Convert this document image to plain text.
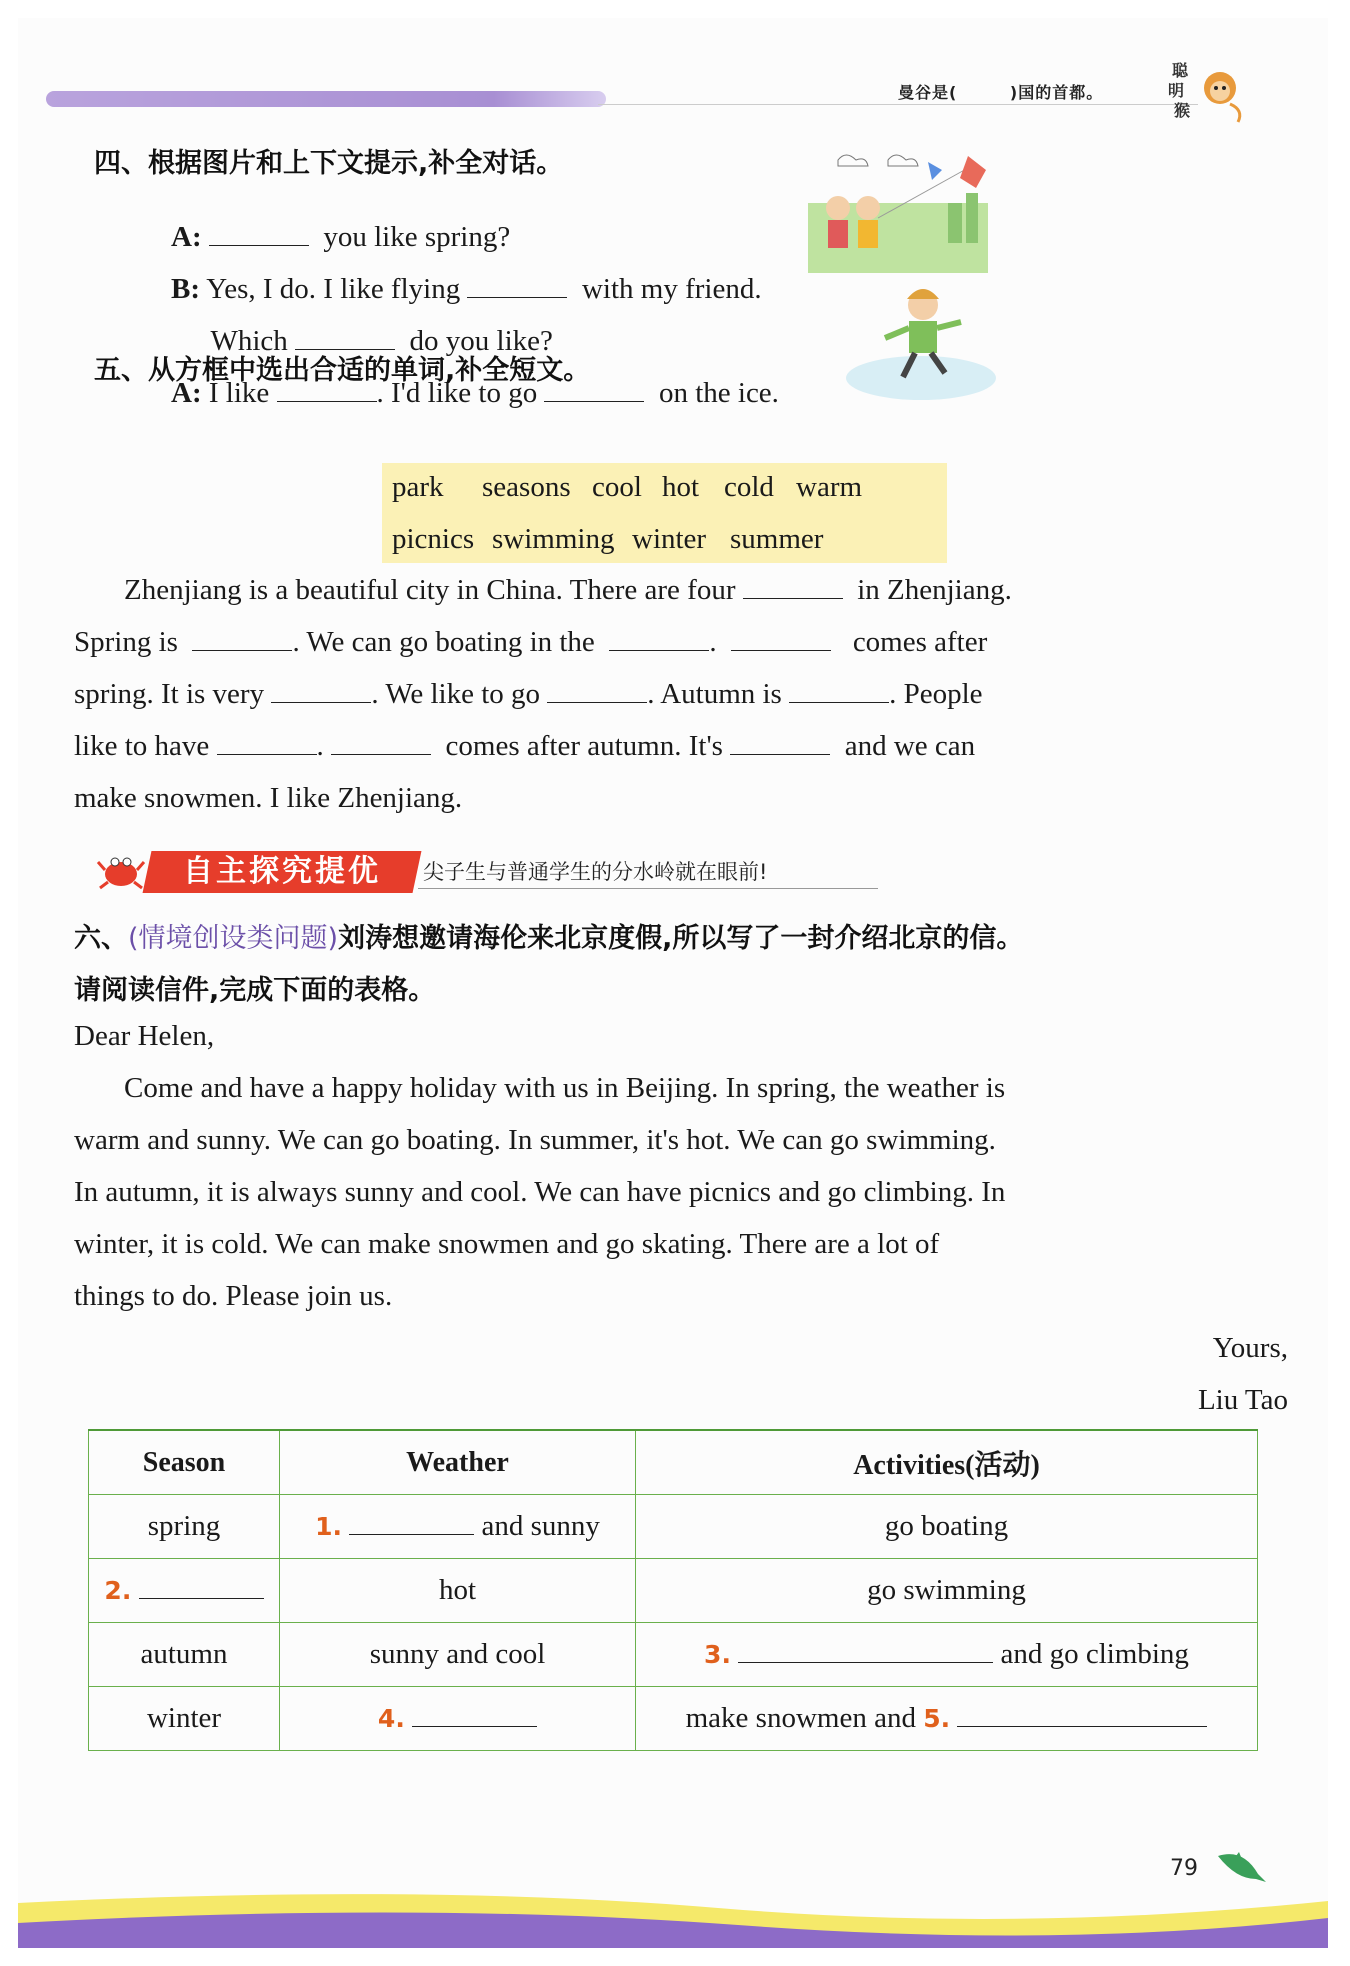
曼谷是(        )国的首都。
聪
明
猴
四、根据图片和上下文提示,补全对话。

A:	you like spring?

B: Yes, I do. I like flying	with my friend.

Which	do you like?

A: I like	. I'd like to go	on the ice.

五、从方框中选出合适的单词,补全短文。
park seasons cool hot cold warm
picnics swimming winter summer
Zhenjiang is a beautiful city in China. There are four	in Zhenjiang.
Spring is	. We can go boating in the	.	comes after
spring. It is very	. We like to go	. Autumn is	. People
like to have	.	comes after autumn. It's	and we can
make snowmen. I like Zhenjiang.
自主探究提优	尖子生与普通学生的分水岭就在眼前!
六、(情境创设类问题)刘涛想邀请海伦来北京度假,所以写了一封介绍北京的信。
请阅读信件,完成下面的表格。
Dear Helen,
Come and have a happy holiday with us in Beijing. In spring, the weather is
warm and sunny. We can go boating. In summer, it's hot. We can go swimming.
In autumn, it is always sunny and cool. We can have picnics and go climbing. In
winter, it is cold. We can make snowmen and go skating. There are a lot of
things to do. Please join us.
Yours,
Liu Tao
Season	Weather	Activities(活动)
spring	1. and sunny	go boating
2.	hot	go swimming
autumn	sunny and cool	3. and go climbing
winter	4.	make snowmen and 5.
79
